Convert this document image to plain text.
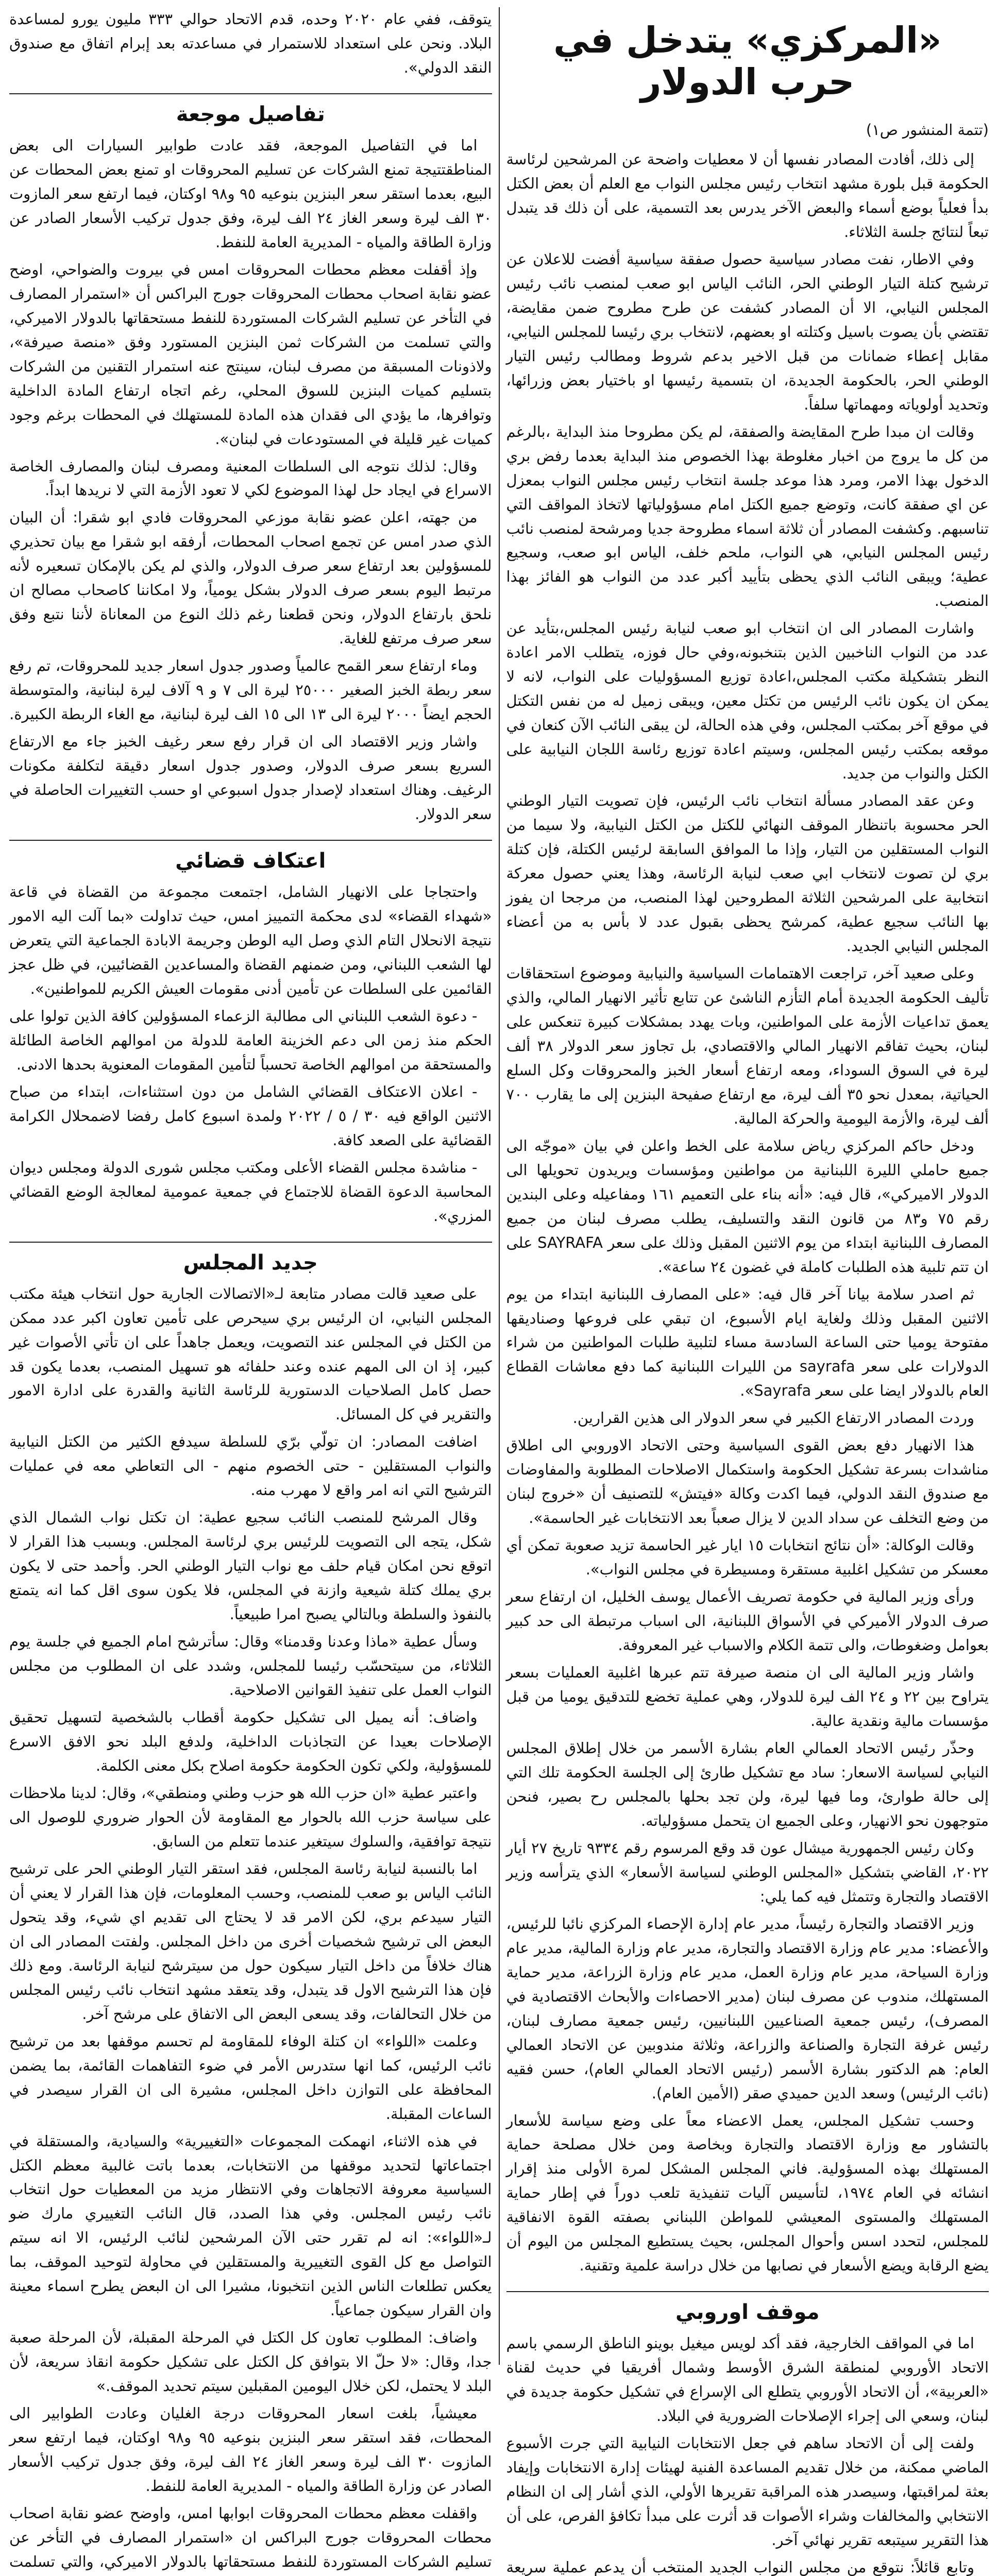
«المركزي» يتدخل في حرب الدولار
(تتمة المنشور ص١)

إلى ذلك، أفادت المصادر نفسها أن لا معطيات واضحة عن المرشحين لرئاسة الحكومة قبل بلورة مشهد انتخاب رئيس مجلس النواب مع العلم أن بعض الكتل بدأ فعلياً بوضع أسماء والبعض الآخر يدرس بعد التسمية، على أن ذلك قد يتبدل تبعاً لنتائج جلسة الثلاثاء.

وفي الاطار، نفت مصادر سياسية حصول صفقة سياسية أفضت للاعلان عن ترشيح كتلة التيار الوطني الحر، النائب الياس ابو صعب لمنصب نائب رئيس المجلس النيابي، الا أن المصادر كشفت عن طرح مطروح ضمن مقايضة، تقتضي بأن يصوت باسيل وكتلته او بعضهم، لانتخاب بري رئيسا للمجلس النيابي، مقابل إعطاء ضمانات من قبل الاخير بدعم شروط ومطالب رئيس التيار الوطني الحر، بالحكومة الجديدة، ان بتسمية رئيسها او باختيار بعض وزرائها، وتحديد أولوياته ومهماتها سلفاً.

وقالت ان مبدا طرح المقايضة والصفقة، لم يكن مطروحا منذ البداية ،بالرغم من كل ما يروج من اخبار مغلوطة بهذا الخصوص منذ البداية بعدما رفض بري الدخول بهذا الامر، ومرد هذا موعد جلسة انتخاب رئيس مجلس النواب بمعزل عن اي صفقة كانت، وتوضع جميع الكتل امام مسؤولياتها لاتخاذ المواقف التي تناسبهم. وكشفت المصادر أن ثلاثة اسماء مطروحة جديا ومرشحة لمنصب نائب رئيس المجلس النيابي، هي النواب، ملحم خلف، الياس ابو صعب، وسجيع عطية؛ ويبقى النائب الذي يحظى بتأييد أكبر عدد من النواب هو الفائز بهذا المنصب.

واشارت المصادر الى ان انتخاب ابو صعب لنيابة رئيس المجلس،بتأيد عن عدد من النواب الناخبين الذين بتنخبونه،وفي حال فوزه، يتطلب الامر اعادة النظر بتشكيلة مكتب المجلس،اعادة توزيع المسؤوليات على النواب، لانه لا يمكن ان يكون نائب الرئيس من تكتل معين، ويبقى زميل له من نفس التكتل في موقع آخر بمكتب المجلس، وفي هذه الحالة، لن يبقى النائب الآن كنعان في موقعه بمكتب رئيس المجلس، وسيتم اعادة توزيع رئاسة اللجان النيابية على الكتل والنواب من جديد.

وعن عقد المصادر مسألة انتخاب نائب الرئيس، فإن تصويت التيار الوطني الحر محسوبة باتنظار الموقف النهائي للكتل من الكتل النيابية، ولا سيما من النواب المستقلين من التيار، وإذا ما الموافق السابقة لرئيس الكتلة، فإن كتلة بري لن تصوت لانتخاب ابي صعب لنيابة الرئاسة، وهذا يعني حصول معركة انتخابية على المرشحين الثلاثة المطروحين لهذا المنصب، من مرجحا ان يفوز بها النائب سجيع عطية، كمرشح يحظى بقبول عدد لا بأس به من أعضاء المجلس النيابي الجديد.

وعلى صعيد آخر، تراجعت الاهتمامات السياسية والنيابية وموضوع استحقاقات تأليف الحكومة الجديدة أمام التأزم الناشئ عن تتابع تأثير الانهيار المالي، والذي يعمق تداعيات الأزمة على المواطنين، وبات يهدد بمشكلات كبيرة تنعكس على لبنان، بحيث تفاقم الانهيار المالي والاقتصادي، بل تجاوز سعر الدولار ٣٨ ألف ليرة في السوق السوداء، ومعه ارتفاع أسعار الخبز والمحروقات وكل السلع الحياتية، بمعدل نحو ٣٥ ألف ليرة، مع ارتفاع صفيحة البنزين إلى ما يقارب ٧٠٠ ألف ليرة، والأزمة اليومية والحركة المالية.

ودخل حاكم المركزي رياض سلامة على الخط واعلن في بيان «موجّه الى جميع حاملي الليرة اللبنانية من مواطنين ومؤسسات ويريدون تحويلها الى الدولار الاميركي»، قال فيه: «أنه بناء على التعميم ١٦١ ومفاعيله وعلى البندين رقم ٧٥ و٨٣ من قانون النقد والتسليف، يطلب مصرف لبنان من جميع المصارف اللبنانية ابتداء من يوم الاثنين المقبل وذلك على سعر SAYRAFA على ان تتم تلبية هذه الطلبات كاملة في غضون ٢٤ ساعة».

ثم اصدر سلامة بيانا آخر قال فيه: «على المصارف اللبنانية ابتداء من يوم الاثنين المقبل وذلك ولغاية ايام الأسبوع، ان تبقي على فروعها وصناديقها مفتوحة يوميا حتى الساعة السادسة مساء لتلبية طلبات المواطنين من شراء الدولارات على سعر sayrafa من الليرات اللبنانية كما دفع معاشات القطاع العام بالدولار ايضا على سعر Sayrafa».

وردت المصادر الارتفاع الكبير في سعر الدولار الى هذين القرارين.

هذا الانهيار دفع بعض القوى السياسية وحتى الاتحاد الاوروبي الى اطلاق مناشدات بسرعة تشكيل الحكومة واستكمال الاصلاحات المطلوبة والمفاوضات مع صندوق النقد الدولي، فيما اكدت وكالة «فيتش» للتصنيف أن «خروج لبنان من وضع التخلف عن سداد الدين لا يزال صعباً بعد الانتخابات غير الحاسمة».

وقالت الوكالة: «أن نتائج انتخابات ١٥ ايار غير الحاسمة تزيد صعوبة تمكن أي معسكر من تشكيل اغلبية مستقرة ومسيطرة في مجلس النواب».

ورأى وزير المالية في حكومة تصريف الأعمال يوسف الخليل، ان ارتفاع سعر صرف الدولار الأميركي في الأسواق اللبنانية، الى اسباب مرتبطة الى حد كبير بعوامل وضغوطات، والى تتمة الكلام والاسباب غير المعروفة.

واشار وزير المالية الى ان منصة صيرفة تتم عبرها اغلبية العمليات بسعر يتراوح بين ٢٢ و ٢٤ الف ليرة للدولار، وهي عملية تخضع للتدقيق يوميا من قبل مؤسسات مالية ونقدية عالية.

وحذّر رئيس الاتحاد العمالي العام بشارة الأسمر من خلال إطلاق المجلس النيابي لسياسة الاسعار: ساد مع تشكيل طارئ إلى الجلسة الحكومة تلك التي إلى حالة طوارئ، وما فيها ليرة، ولن تجد بحلها بالمجلس رح بصير، فنحن متوجهون نحو الانهيار، وعلى الجميع ان يتحمل مسؤولياته.

وكان رئيس الجمهورية ميشال عون قد وقع المرسوم رقم ٩٣٣٤ تاريخ ٢٧ أيار ٢٠٢٢، القاضي بتشكيل «المجلس الوطني لسياسة الأسعار» الذي يترأسه وزير الاقتصاد والتجارة وتتمثل فيه كما يلي:

وزير الاقتصاد والتجارة رئيساً، مدير عام إدارة الإحصاء المركزي نائبا للرئيس، والأعضاء: مدير عام وزارة الاقتصاد والتجارة، مدير عام وزارة المالية، مدير عام وزارة السياحة، مدير عام وزارة العمل، مدير عام وزارة الزراعة، مدير حماية المستهلك، مندوب عن مصرف لبنان (مدير الاحصاءات والأبحاث الاقتصادية في المصرف)، رئيس جمعية الصناعيين اللبنانيين، رئيس جمعية مصارف لبنان، رئيس غرفة التجارة والصناعة والزراعة، وثلاثة مندوبين عن الاتحاد العمالي العام: هم الدكتور بشارة الأسمر (رئيس الاتحاد العمالي العام)، حسن فقيه (نائب الرئيس) وسعد الدين حميدي صقر (الأمين العام).

وحسب تشكيل المجلس، يعمل الاعضاء معاً على وضع سياسة للأسعار بالتشاور مع وزارة الاقتصاد والتجارة وبخاصة ومن خلال مصلحة حماية المستهلك بهذه المسؤولية. فاني المجلس المشكل لمرة الأولى منذ إقرار انشائه في العام ١٩٧٤، لتأسيس آليات تنفيذية تلعب دوراً في إطار حماية المستهلك والمستوى المعيشي للمواطن اللبناني بصفته القوة الانفاقية للمجلس، لتحدد اسس وأحوال المجلس، بحيث يستطيع المجلس من اليوم أن يضع الرقابة ويضع الأسعار في نصابها من خلال دراسة علمية وتقنية.

موقف اوروبي

اما في المواقف الخارجية، فقد أكد لويس ميغيل بوينو الناطق الرسمي باسم الاتحاد الأوروبي لمنطقة الشرق الأوسط وشمال أفريقيا في حديث لقناة «العربية»، أن الاتحاد الأوروبي يتطلع الى الإسراع في تشكيل حكومة جديدة في لبنان، وسعي الى إجراء الإصلاحات الضرورية في البلاد.

ولفت إلى أن الاتحاد ساهم في جعل الانتخابات النيابية التي جرت الأسبوع الماضي ممكنة، من خلال تقديم المساعدة الفنية لهيئات إدارة الانتخابات وإيفاد بعثة لمراقبتها، وسيصدر هذه المراقبة تقريرها الأولي، الذي أشار إلى ان النظام الانتخابي والمخالفات وشراء الأصوات قد أثرت على مبدأ تكافؤ الفرص، على أن هذا التقرير سيتبعه تقرير نهائي آخر.

وتابع قائلاً: نتوقع من مجلس النواب الجديد المنتخب أن يدعم عملية سريعة

يتوقف، ففي عام ٢٠٢٠ وحده، قدم الاتحاد حوالي ٣٣٣ مليون يورو لمساعدة البلاد. ونحن على استعداد للاستمرار في مساعدته بعد إبرام اتفاق مع صندوق النقد الدولي».
تفاصيل موجعة

اما في التفاصيل الموجعة، فقد عادت طوابير السيارات الى بعض المناطقتتيجة تمنع الشركات عن تسليم المحروقات او تمنع بعض المحطات عن البيع، بعدما استقر سعر البنزين بنوعيه ٩٥ و٩٨ اوكتان، فيما ارتفع سعر المازوت ٣٠ الف ليرة وسعر الغاز ٢٤ الف ليرة، وفق جدول تركيب الأسعار الصادر عن وزارة الطاقة والمياه - المديرية العامة للنفط.

وإذ أقفلت معظم محطات المحروقات امس في بيروت والضواحي، اوضح عضو نقابة اصحاب محطات المحروقات جورج البراكس أن «استمرار المصارف في التأخر عن تسليم الشركات المستوردة للنفط مستحقاتها بالدولار الاميركي، والتي تسلمت من الشركات ثمن البنزين المستورد وفق «منصة صيرفة»، ولاذونات المسبقة من مصرف لبنان، سينتج عنه استمرار التقنين من الشركات بتسليم كميات البنزين للسوق المحلي، رغم اتجاه ارتفاع المادة الداخلية وتوافرها، ما يؤدي الى فقدان هذه المادة للمستهلك في المحطات برغم وجود كميات غير قليلة في المستودعات في لبنان».

وقال: لذلك نتوجه الى السلطات المعنية ومصرف لبنان والمصارف الخاصة الاسراع في ايجاد حل لهذا الموضوع لكي لا تعود الأزمة التي لا نريدها ابداً.

من جهته، اعلن عضو نقابة موزعي المحروقات فادي ابو شقرا: أن البيان الذي صدر امس عن تجمع اصحاب المحطات، أرفقه ابو شقرا مع بيان تحذيري للمسؤولين بعد ارتفاع سعر صرف الدولار، والذي لم يكن بالإمكان تسعيره لأنه مرتبط اليوم بسعر صرف الدولار بشكل يومياً، ولا امكاننا كاصحاب مصالح ان نلحق بارتفاع الدولار، ونحن قطعنا رغم ذلك النوع من المعاناة لأننا نتبع وفق سعر صرف مرتفع للغاية.

وماء ارتفاع سعر القمح عالمياً وصدور جدول اسعار جديد للمحروقات، تم رفع سعر ربطة الخبز الصغير ٢٥٠٠٠ ليرة الى ٧ و ٩ آلاف ليرة لبنانية، والمتوسطة الحجم ايضاً ٢٠٠٠ ليرة الى ١٣ الى ١٥ الف ليرة لبنانية، مع الغاء الربطة الكبيرة.

واشار وزير الاقتصاد الى ان قرار رفع سعر رغيف الخبز جاء مع الارتفاع السريع بسعر صرف الدولار، وصدور جدول اسعار دقيقة لتكلفة مكونات الرغيف. وهناك استعداد لإصدار جدول اسبوعي او حسب التغييرات الحاصلة في سعر الدولار.

اعتكاف قضائي

واحتجاجا على الانهيار الشامل، اجتمعت مجموعة من القضاة في قاعة «شهداء القضاء» لدى محكمة التمييز امس، حيث تداولت «بما آلت اليه الامور نتيجة الانحلال التام الذي وصل اليه الوطن وجريمة الابادة الجماعية التي يتعرض لها الشعب اللبناني، ومن ضمنهم القضاة والمساعدين القضائيين، في ظل عجز القائمين على السلطات عن تأمين أدنى مقومات العيش الكريم للمواطنين».

- دعوة الشعب اللبناني الى مطالبة الزعماء المسؤولين كافة الذين تولوا على الحكم منذ زمن الى دعم الخزينة العامة للدولة من اموالهم الخاصة الطائلة والمستحقة من اموالهم الخاصة تحسباً لتأمين المقومات المعنوية بحدها الادنى.

- اعلان الاعتكاف القضائي الشامل من دون استثناءات، ابتداء من صباح الاثنين الواقع فيه ٣٠ / ٥ / ٢٠٢٢ ولمدة اسبوع كامل رفضا لاضمحلال الكرامة القضائية على الصعد كافة.

- مناشدة مجلس القضاء الأعلى ومكتب مجلس شورى الدولة ومجلس ديوان المحاسبة الدعوة القضاة للاجتماع في جمعية عمومية لمعالجة الوضع القضائي المزري».

جديد المجلس

على صعيد قالت مصادر متابعة لـ«الاتصالات الجارية حول انتخاب هيئة مكتب المجلس النيابي، ان الرئيس بري سيحرص على تأمين تعاون اكبر عدد ممكن من الكتل في المجلس عند التصويت، ويعمل جاهداً على ان تأتي الأصوات غير كبير، إذ ان الى المهم عنده وعند حلفائه هو تسهيل المنصب، بعدما يكون قد حصل كامل الصلاحيات الدستورية للرئاسة الثانية والقدرة على ادارة الامور والتقرير في كل المسائل.

اضافت المصادر: ان تولّي برّي للسلطة سيدفع الكثير من الكتل النيابية والنواب المستقلين - حتى الخصوم منهم - الى التعاطي معه في عمليات الترشيح التي انه امر واقع لا مهرب منه.

وقال المرشح للمنصب النائب سجيع عطية: ان تكتل نواب الشمال الذي شكل، يتجه الى التصويت للرئيس بري لرئاسة المجلس. وبسبب هذا القرار لا اتوقع نحن امكان قيام حلف مع نواب التيار الوطني الحر. وأحمد حتى لا يكون بري يملك كتلة شيعية وازنة في المجلس، فلا يكون سوى اقل كما انه يتمتع بالنفوذ والسلطة وبالتالي يصبح امرا طبيعياً.

وسأل عطية «ماذا وعدنا وقدمنا» وقال: سأترشح امام الجميع في جلسة يوم الثلاثاء، من سيتحسّب رئيسا للمجلس، وشدد على ان المطلوب من مجلس النواب العمل على تنفيذ القوانين الاصلاحية.

واضاف: أنه يميل الى تشكيل حكومة أقطاب بالشخصية لتسهيل تحقيق الإصلاحات بعيدا عن التجاذبات الداخلية، ولدفع البلد نحو الافق الاسرع للمسؤولية، ولكي تكون الحكومة حكومة اصلاح بكل معنى الكلمة.

واعتبر عطية «ان حزب الله هو حزب وطني ومنطقي»، وقال: لدينا ملاحظات على سياسة حزب الله بالحوار مع المقاومة لأن الحوار ضروري للوصول الى نتيجة توافقية، والسلوك سيتغير عندما تتعلم من السابق.

اما بالنسبة لنيابة رئاسة المجلس، فقد استقر التيار الوطني الحر على ترشيح النائب الياس بو صعب للمنصب، وحسب المعلومات، فإن هذا القرار لا يعني أن التيار سيدعم بري، لكن الامر قد لا يحتاج الى تقديم اي شيء، وقد يتحول البعض الى ترشيح شخصيات أخرى من داخل المجلس. ولفتت المصادر الى ان هناك خلافاً من داخل التيار سيكون حول من سيترشح لنيابة الرئاسة. ومع ذلك فإن هذا الترشيح الاول قد يتبدل، وقد يتعقد مشهد انتخاب نائب رئيس المجلس من خلال التحالفات، وقد يسعى البعض الى الاتفاق على مرشح آخر.

وعلمت «اللواء» ان كتلة الوفاء للمقاومة لم تحسم موقفها بعد من ترشيح نائب الرئيس، كما انها ستدرس الأمر في ضوء التفاهمات القائمة، بما يضمن المحافظة على التوازن داخل المجلس، مشيرة الى ان القرار سيصدر في الساعات المقبلة.

في هذه الاثناء، انهمكت المجموعات «التغييرية» والسيادية، والمستقلة في اجتماعاتها لتحديد موقفها من الانتخابات، بعدما باتت غالبية معظم الكتل السياسية معروفة الاتجاهات وفي الانتظار مزيد من المعطيات حول انتخاب نائب رئيس المجلس. وفي هذا الصدد، قال النائب التغييري مارك ضو لـ«اللواء»: انه لم تقرر حتى الآن المرشحين لنائب الرئيس، الا انه سيتم التواصل مع كل القوى التغييرية والمستقلين في محاولة لتوحيد الموقف، بما يعكس تطلعات الناس الذين انتخبونا، مشيرا الى ان البعض يطرح اسماء معينة وان القرار سيكون جماعياً.

واضاف: المطلوب تعاون كل الكتل في المرحلة المقبلة، لأن المرحلة صعبة جدا، وقال: «لا حلّ الا بتوافق كل الكتل على تشكيل حكومة انقاذ سريعة، لأن البلد لا يحتمل، لكن خلال اليومين المقبلين سيتم تحديد الموقف.»

معيشياً، بلغت اسعار المحروقات درجة الغليان وعادت الطوابير الى المحطات، فقد استقر سعر البنزين بنوعيه ٩٥ و٩٨ اوكتان، فيما ارتفع سعر المازوت ٣٠ الف ليرة وسعر الغاز ٢٤ الف ليرة، وفق جدول تركيب الأسعار الصادر عن وزارة الطاقة والمياه - المديرية العامة للنفط.

واقفلت معظم محطات المحروقات ابوابها امس، واوضح عضو نقابة اصحاب محطات المحروقات جورج البراكس ان «استمرار المصارف في التأخر عن تسليم الشركات المستوردة للنفط مستحقاتها بالدولار الاميركي، والتي تسلمت
